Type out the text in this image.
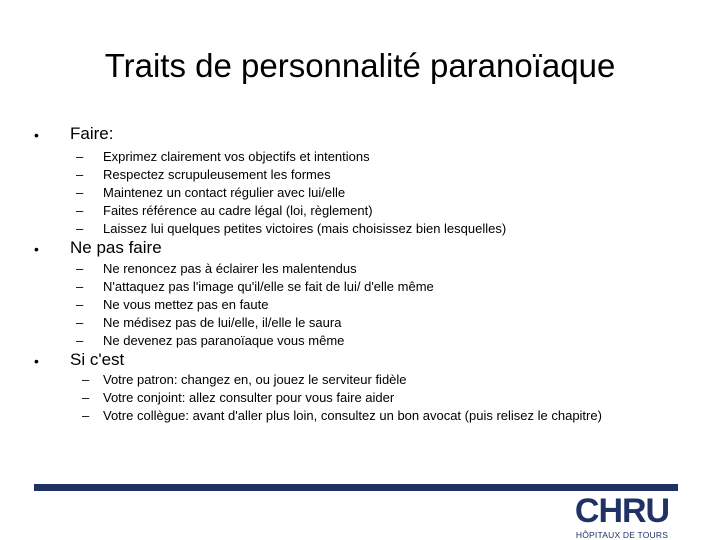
Traits de personnalité paranoïaque
• Faire:
– Exprimez clairement vos objectifs et intentions
– Respectez scrupuleusement les formes
– Maintenez un contact régulier avec lui/elle
– Faites référence au cadre légal (loi, règlement)
– Laissez lui quelques petites victoires (mais choisissez bien lesquelles)
• Ne pas faire
– Ne renoncez pas à éclairer les malentendus
– N'attaquez pas l'image qu'il/elle se fait de lui/ d'elle même
– Ne vous mettez pas en faute
– Ne médisez pas de lui/elle, il/elle le saura
– Ne devenez pas paranoïaque vous même
• Si c'est
– Votre patron: changez en, ou jouez le serviteur fidèle
– Votre conjoint: allez consulter pour vous faire aider
– Votre collègue: avant d'aller plus loin, consultez un bon avocat (puis relisez le chapitre)
CHRU
HÔPITAUX DE TOURS
